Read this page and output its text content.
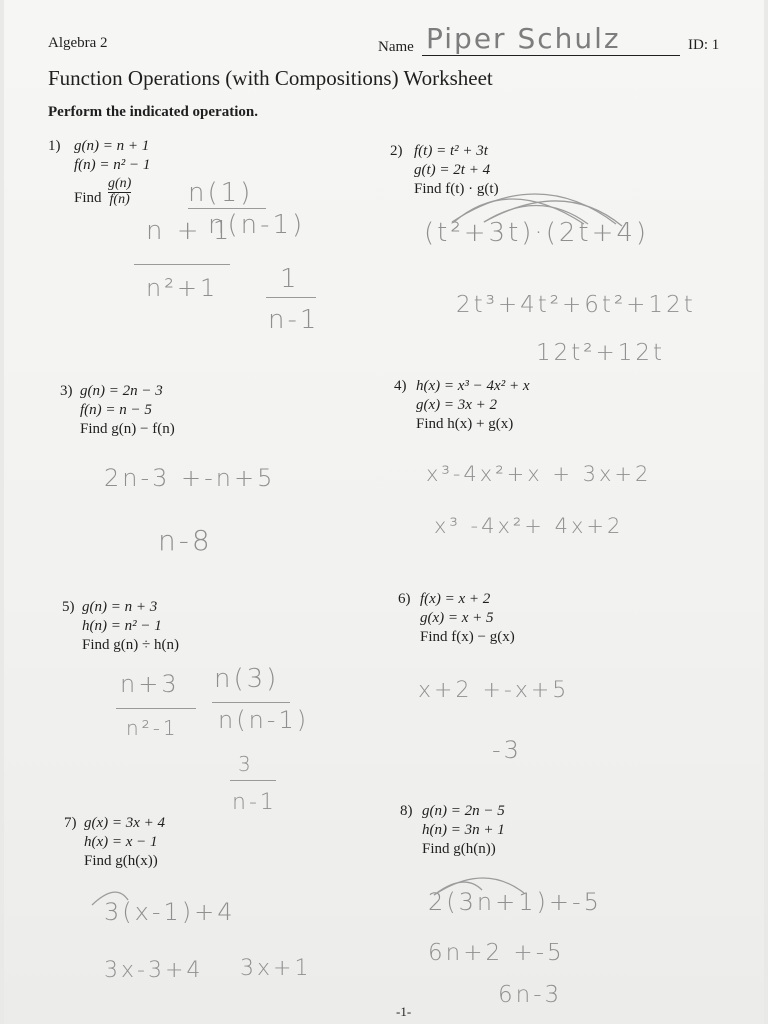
Algebra 2	Name Piper Schulz	ID: 1
Function Operations (with Compositions) Worksheet
Perform the indicated operation.
1) g(n) = n + 1
f(n) = n² − 1
Find $\frac{g(n)}{f(n)} n(1)$
n + 1
n(n-1)
n²+1 1
n-1
2) f(t) = t² + 3t
g(t) = 2t + 4
Find f(t) · g(t)
(t²+3t)·(2t+4)
2t³+4t²+6t²+12t
12t²+12t
3) g(n) = 2n − 3
f(n) = n − 5
Find g(n) − f(n)
2n-3 +-n+5
n-8
4) h(x) = x³ − 4x² + x
g(x) = 3x + 2
Find h(x) + g(x)
x³-4x²+x + 3x+2
x³ -4x²+ 4x+2
5) g(n) = n + 3
h(n) = n² − 1
Find g(n) ÷ h(n)
n+3
n²-1
n(3)
n(n-1)
3
n-1
6) f(x) = x + 2
g(x) = x + 5
Find f(x) − g(x)
x+2 +-x+5
-3
7) g(x) = 3x + 4
h(x) = x − 1
Find g(h(x))
3(x-1)+4
3x-3+4 3x+1
8) g(n) = 2n − 5
h(n) = 3n + 1
Find g(h(n))
2(3n+1)+-5
6n+2 +-5
6n-3
-1-
